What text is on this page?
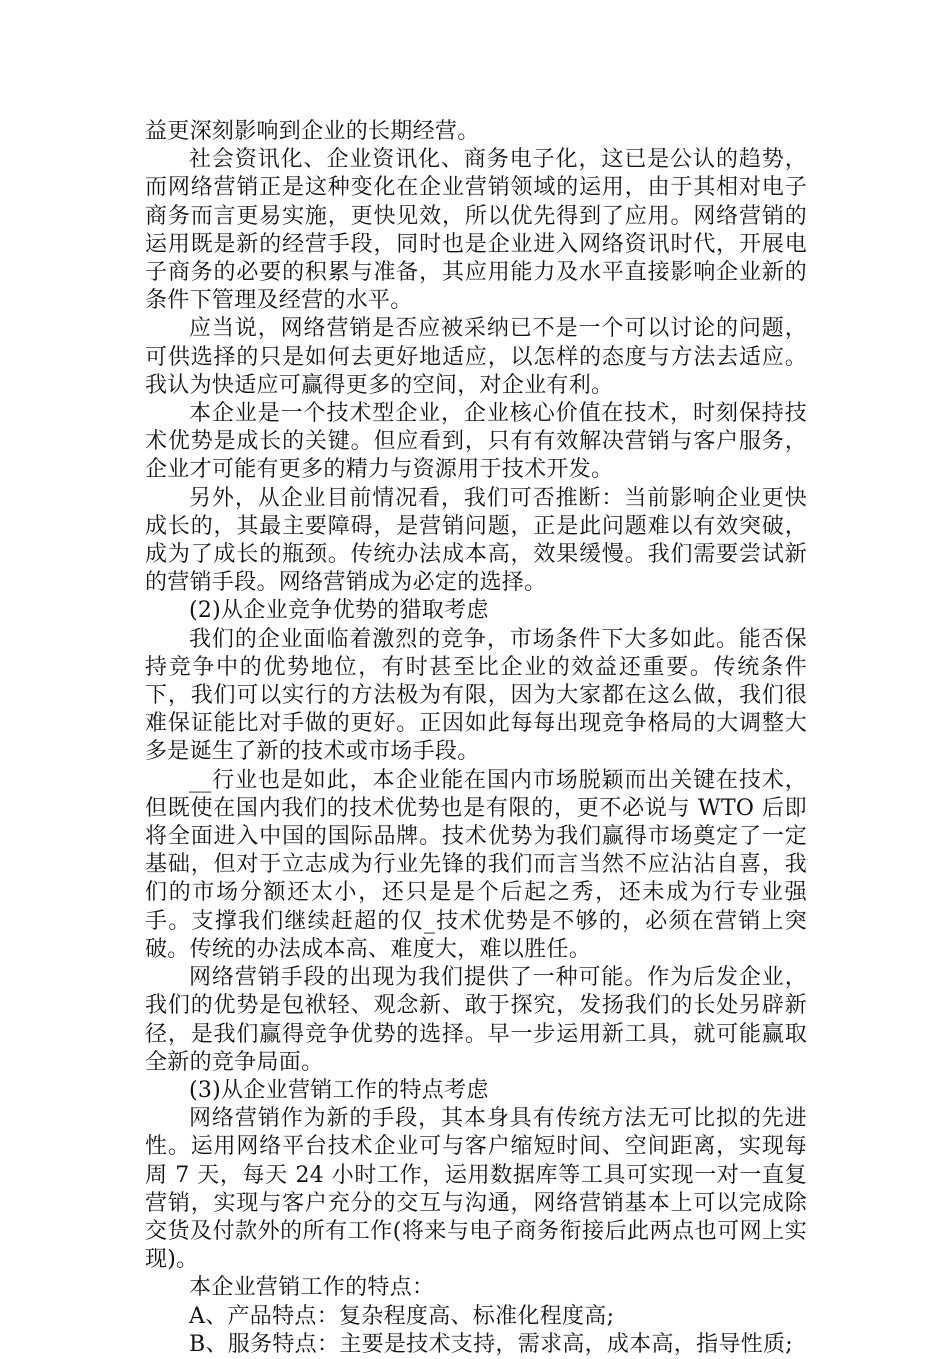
益更深刻影响到企业的长期经营。

社会资讯化、企业资讯化、商务电子化，这已是公认的趋势，而网络营销正是这种变化在企业营销领域的运用，由于其相对电子商务而言更易实施，更快见效，所以优先得到了应用。网络营销的运用既是新的经营手段，同时也是企业进入网络资讯时代，开展电子商务的必要的积累与准备，其应用能力及水平直接影响企业新的条件下管理及经营的水平。

应当说，网络营销是否应被采纳已不是一个可以讨论的问题，可供选择的只是如何去更好地适应，以怎样的态度与方法去适应。我认为快适应可赢得更多的空间，对企业有利。

本企业是一个技术型企业，企业核心价值在技术，时刻保持技术优势是成长的关键。但应看到，只有有效解决营销与客户服务，企业才可能有更多的精力与资源用于技术开发。

另外，从企业目前情况看，我们可否推断：当前影响企业更快成长的，其最主要障碍，是营销问题，正是此问题难以有效突破，成为了成长的瓶颈。传统办法成本高，效果缓慢。我们需要尝试新的营销手段。网络营销成为必定的选择。

(2)从企业竞争优势的猎取考虑

我们的企业面临着激烈的竞争，市场条件下大多如此。能否保持竞争中的优势地位，有时甚至比企业的效益还重要。传统条件下，我们可以实行的方法极为有限，因为大家都在这么做，我们很难保证能比对手做的更好。正因如此每每出现竞争格局的大调整大多是诞生了新的技术或市场手段。

__行业也是如此，本企业能在国内市场脱颖而出关键在技术，但既使在国内我们的技术优势也是有限的，更不必说与 WTO 后即将全面进入中国的国际品牌。技术优势为我们赢得市场奠定了一定基础，但对于立志成为行业先锋的我们而言当然不应沾沾自喜，我们的市场分额还太小，还只是是个后起之秀，还未成为行专业强手。支撑我们继续赶超的仅_技术优势是不够的，必须在营销上突破。传统的办法成本高、难度大，难以胜任。

网络营销手段的出现为我们提供了一种可能。作为后发企业，我们的优势是包袱轻、观念新、敢于探究，发扬我们的长处另辟新径，是我们赢得竞争优势的选择。早一步运用新工具，就可能赢取全新的竞争局面。

(3)从企业营销工作的特点考虑

网络营销作为新的手段，其本身具有传统方法无可比拟的先进性。运用网络平台技术企业可与客户缩短时间、空间距离，实现每周 7 天，每天 24 小时工作，运用数据库等工具可实现一对一直复营销，实现与客户充分的交互与沟通，网络营销基本上可以完成除交货及付款外的所有工作(将来与电子商务衔接后此两点也可网上实现)。

本企业营销工作的特点：

A、产品特点：复杂程度高、标准化程度高;

B、服务特点：主要是技术支持，需求高，成本高，指导性质;
